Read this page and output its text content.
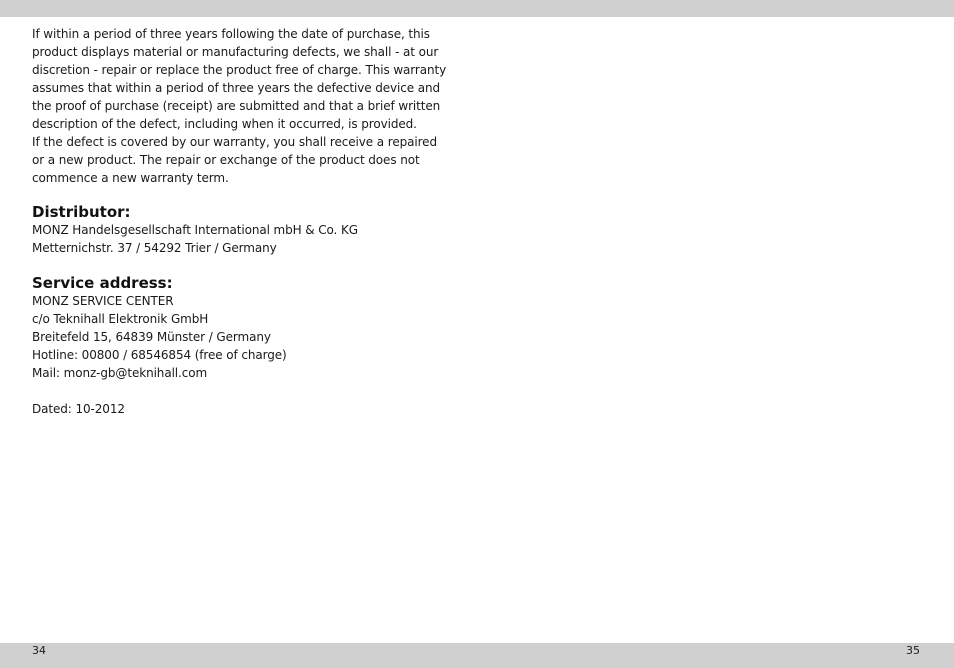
If within a period of three years following the date of purchase, this

product displays material or manufacturing defects, we shall - at our

discretion - repair or replace the product free of charge. This warranty

assumes that within a period of three years the defective device and

the proof of purchase (receipt) are submitted and that a brief written

description of the defect, including when it occurred, is provided.

If the defect is covered by our warranty, you shall receive a repaired

or a new product. The repair or exchange of the product does not

commence a new warranty term.

Distributor:

MONZ Handelsgesellschaft International mbH & Co. KG

Metternichstr. 37 / 54292 Trier / Germany

Service address:

MONZ SERVICE CENTER

c/o Teknihall Elektronik GmbH

Breitefeld 15, 64839 Münster / Germany

Hotline: 00800 / 68546854 (free of charge)

Mail: monz-gb@teknihall.com

Dated: 10-2012

34	35
